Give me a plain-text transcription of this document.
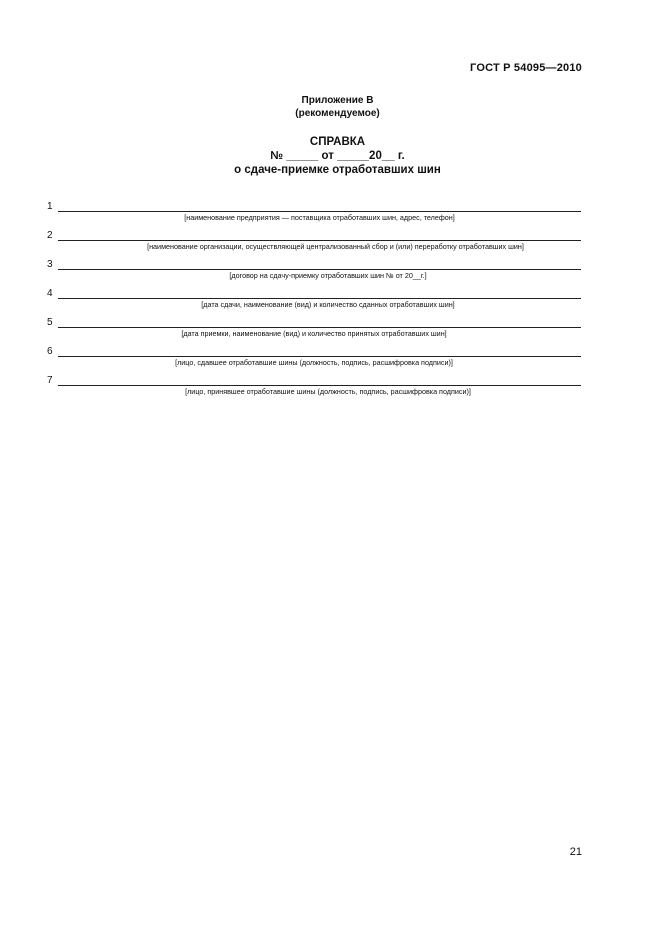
ГОСТ Р 54095—2010
Приложение В
(рекомендуемое)
СПРАВКА
№ _____ от _____20__ г.
о сдаче-приемке отработавших шин
1
[наименование предприятия — поставщика отработавших шин, адрес, телефон]
2
[наименование организации, осуществляющей централизованный сбор и (или) переработку отработавших шин]
3
[договор на сдачу-приемку отработавших шин № от 20__г.]
4
[дата сдачи, наименование (вид) и количество сданных отработавших шин]
5
[дата приемки, наименование (вид) и количество принятых отработавших шин]
6
[лицо, сдавшее отработавшие шины (должность, подпись, расшифровка подписи)]
7
[лицо, принявшее отработавшие шины (должность, подпись, расшифровка подписи)]
21
